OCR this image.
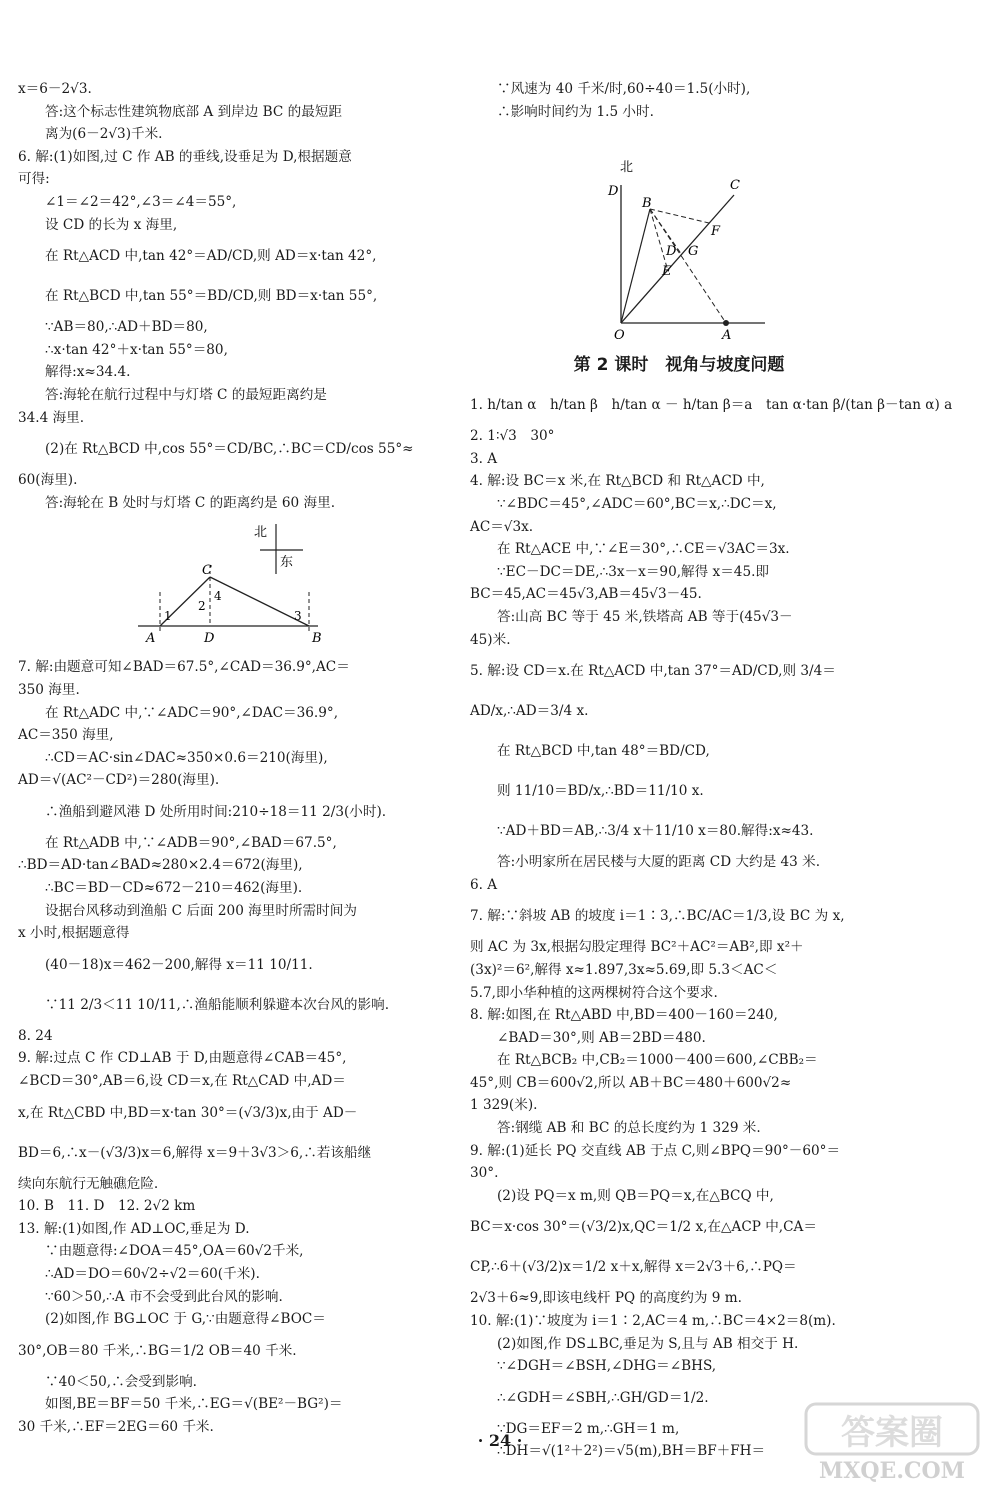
x＝6－2√3.
答:这个标志性建筑物底部 A 到岸边 BC 的最短距
离为(6－2√3)千米.
6. 解:(1)如图,过 C 作 AB 的垂线,设垂足为 D,根据题意
可得:
∠1＝∠2＝42°,∠3＝∠4＝55°,
设 CD 的长为 x 海里,
在 Rt△ACD 中,tan 42°＝AD/CD,则 AD＝x·tan 42°,
在 Rt△BCD 中,tan 55°＝BD/CD,则 BD＝x·tan 55°,
∵AB＝80,∴AD＋BD＝80,
∴x·tan 42°＋x·tan 55°＝80,
解得:x≈34.4.
答:海轮在航行过程中与灯塔 C 的最短距离约是
34.4 海里.
(2)在 Rt△BCD 中,cos 55°＝CD/BC,∴BC＝CD/cos 55°≈
60(海里).
答:海轮在 B 处时与灯塔 C 的距离约是 60 海里.
北
东
C
A	D	B
1
2
3
4
7. 解:由题意可知∠BAD＝67.5°,∠CAD＝36.9°,AC＝
350 海里.
在 Rt△ADC 中,∵∠ADC＝90°,∠DAC＝36.9°,
AC＝350 海里,
∴CD＝AC·sin∠DAC≈350×0.6＝210(海里),
AD＝√(AC²－CD²)＝280(海里).
∴渔船到避风港 D 处所用时间:210÷18＝11 2/3(小时).
在 Rt△ADB 中,∵∠ADB＝90°,∠BAD＝67.5°,
∴BD＝AD·tan∠BAD≈280×2.4＝672(海里),
∴BC＝BD－CD≈672－210＝462(海里).
设据台风移动到渔船 C 后面 200 海里时所需时间为
x 小时,根据题意得
(40－18)x＝462－200,解得 x＝11 10/11.
∵11 2/3＜11 10/11,∴渔船能顺利躲避本次台风的影响.
8. 24
9. 解:过点 C 作 CD⊥AB 于 D,由题意得∠CAB＝45°,
∠BCD＝30°,AB＝6,设 CD＝x,在 Rt△CAD 中,AD＝
x,在 Rt△CBD 中,BD＝x·tan 30°＝(√3/3)x,由于 AD－
BD＝6,∴x－(√3/3)x＝6,解得 x＝9＋3√3＞6,∴若该船继
续向东航行无触礁危险.
10. B　11. D　12. 2√2 km
13. 解:(1)如图,作 AD⊥OC,垂足为 D.
∵由题意得:∠DOA＝45°,OA＝60√2千米,
∴AD＝DO＝60√2÷√2＝60(千米).
∵60＞50,∴A 市不会受到此台风的影响.
(2)如图,作 BG⊥OC 于 G,∵由题意得∠BOC＝
30°,OB＝80 千米,∴BG＝1/2 OB＝40 千米.
∵40＜50,∴会受到影响.
如图,BE＝BF＝50 千米,∴EG＝√(BE²－BG²)＝
30 千米,∴EF＝2EG＝60 千米.
∵风速为 40 千米/时,60÷40＝1.5(小时),
∴影响时间约为 1.5 小时.
北
D	C
B
F
G
D
E
O	A
第 2 课时　视角与坡度问题
1. h/tan α　h/tan β　h/tan α － h/tan β＝a　tan α·tan β/(tan β－tan α) a
2. 1∶√3　30°
3. A
4. 解:设 BC＝x 米,在 Rt△BCD 和 Rt△ACD 中,
∵∠BDC＝45°,∠ADC＝60°,BC＝x,∴DC＝x,
AC＝√3x.
在 Rt△ACE 中,∵∠E＝30°,∴CE＝√3AC＝3x.
∵EC－DC＝DE,∴3x－x＝90,解得 x＝45.即
BC＝45,AC＝45√3,AB＝45√3－45.
答:山高 BC 等于 45 米,铁塔高 AB 等于(45√3－
45)米.
5. 解:设 CD＝x.在 Rt△ACD 中,tan 37°＝AD/CD,则 3/4＝
AD/x,∴AD＝3/4 x.
在 Rt△BCD 中,tan 48°＝BD/CD,
则 11/10＝BD/x,∴BD＝11/10 x.
∵AD＋BD＝AB,∴3/4 x＋11/10 x＝80.解得:x≈43.
答:小明家所在居民楼与大厦的距离 CD 大约是 43 米.
6. A
7. 解:∵斜坡 AB 的坡度 i＝1∶3,∴BC/AC＝1/3,设 BC 为 x,
则 AC 为 3x,根据勾股定理得 BC²＋AC²＝AB²,即 x²＋
(3x)²＝6²,解得 x≈1.897,3x≈5.69,即 5.3＜AC＜
5.7,即小华种植的这两棵树符合这个要求.
8. 解:如图,在 Rt△ABD 中,BD＝400－160＝240,
∠BAD＝30°,则 AB＝2BD＝480.
在 Rt△BCB₂ 中,CB₂＝1000－400＝600,∠CBB₂＝
45°,则 CB＝600√2,所以 AB＋BC＝480＋600√2≈
1 329(米).
答:钢缆 AB 和 BC 的总长度约为 1 329 米.
9. 解:(1)延长 PQ 交直线 AB 于点 C,则∠BPQ＝90°－60°＝
30°.
(2)设 PQ＝x m,则 QB＝PQ＝x,在△BCQ 中,
BC＝x·cos 30°＝(√3/2)x,QC＝1/2 x,在△ACP 中,CA＝
CP,∴6＋(√3/2)x＝1/2 x＋x,解得 x＝2√3＋6,∴PQ＝
2√3＋6≈9,即该电线杆 PQ 的高度约为 9 m.
10. 解:(1)∵坡度为 i＝1∶2,AC＝4 m,∴BC＝4×2＝8(m).
(2)如图,作 DS⊥BC,垂足为 S,且与 AB 相交于 H.
∵∠DGH＝∠BSH,∠DHG＝∠BHS,
∴∠GDH＝∠SBH,∴GH/GD＝1/2.
∵DG＝EF＝2 m,∴GH＝1 m,
∴DH＝√(1²＋2²)＝√5(m),BH＝BF＋FH＝
· 24 ·	答案圈
MXQE.COM
